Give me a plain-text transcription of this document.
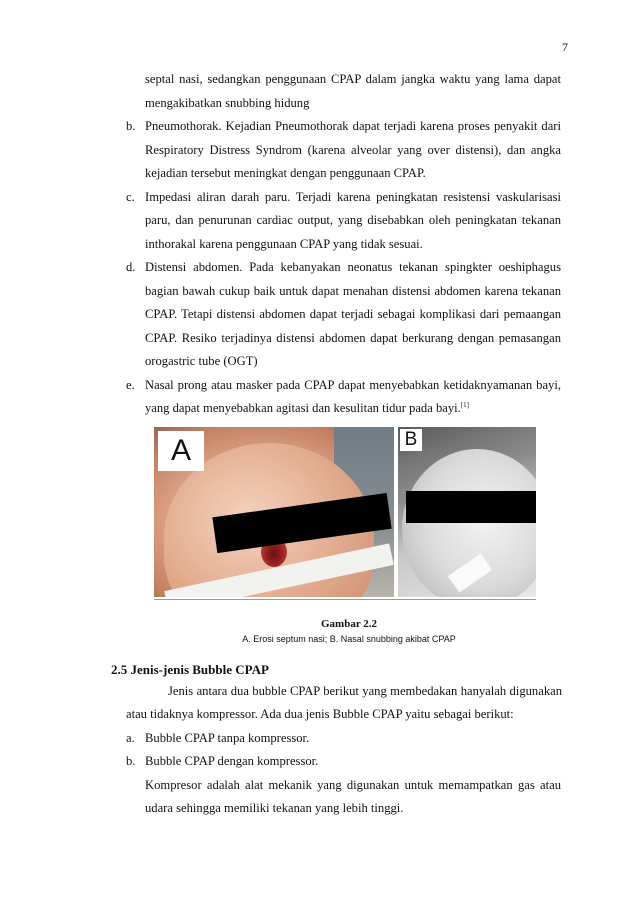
7
septal nasi, sedangkan penggunaan CPAP dalam jangka waktu yang lama dapat mengakibatkan snubbing hidung
b. Pneumothorak. Kejadian Pneumothorak dapat terjadi karena proses penyakit dari Respiratory Distress Syndrom (karena alveolar yang over distensi), dan angka kejadian tersebut meningkat dengan penggunaan CPAP.
c. Impedasi aliran darah paru. Terjadi karena peningkatan resistensi vaskularisasi paru, dan penurunan cardiac output, yang disebabkan oleh peningkatan tekanan inthorakal karena penggunaan CPAP yang tidak sesuai.
d. Distensi abdomen. Pada kebanyakan neonatus tekanan spingkter oeshiphagus bagian bawah cukup baik untuk dapat menahan distensi abdomen karena tekanan CPAP. Tetapi distensi abdomen dapat terjadi sebagai komplikasi dari pemaangan CPAP. Resiko terjadinya distensi abdomen dapat berkurang dengan pemasangan orogastric tube (OGT)
e. Nasal prong atau masker pada CPAP dapat menyebabkan ketidaknyamanan bayi, yang dapat menyebabkan agitasi dan kesulitan tidur pada bayi.[1]
A	B
Gambar 2.2
A. Erosi septum nasi; B. Nasal snubbing akibat CPAP
2.5 Jenis-jenis Bubble CPAP
Jenis antara dua bubble CPAP berikut yang membedakan hanyalah digunakan atau tidaknya kompressor. Ada dua jenis Bubble CPAP yaitu sebagai berikut:
a. Bubble CPAP tanpa kompressor.
b. Bubble CPAP dengan kompressor.
Kompresor adalah alat mekanik yang digunakan untuk memampatkan gas atau udara sehingga memiliki tekanan yang lebih tinggi.
